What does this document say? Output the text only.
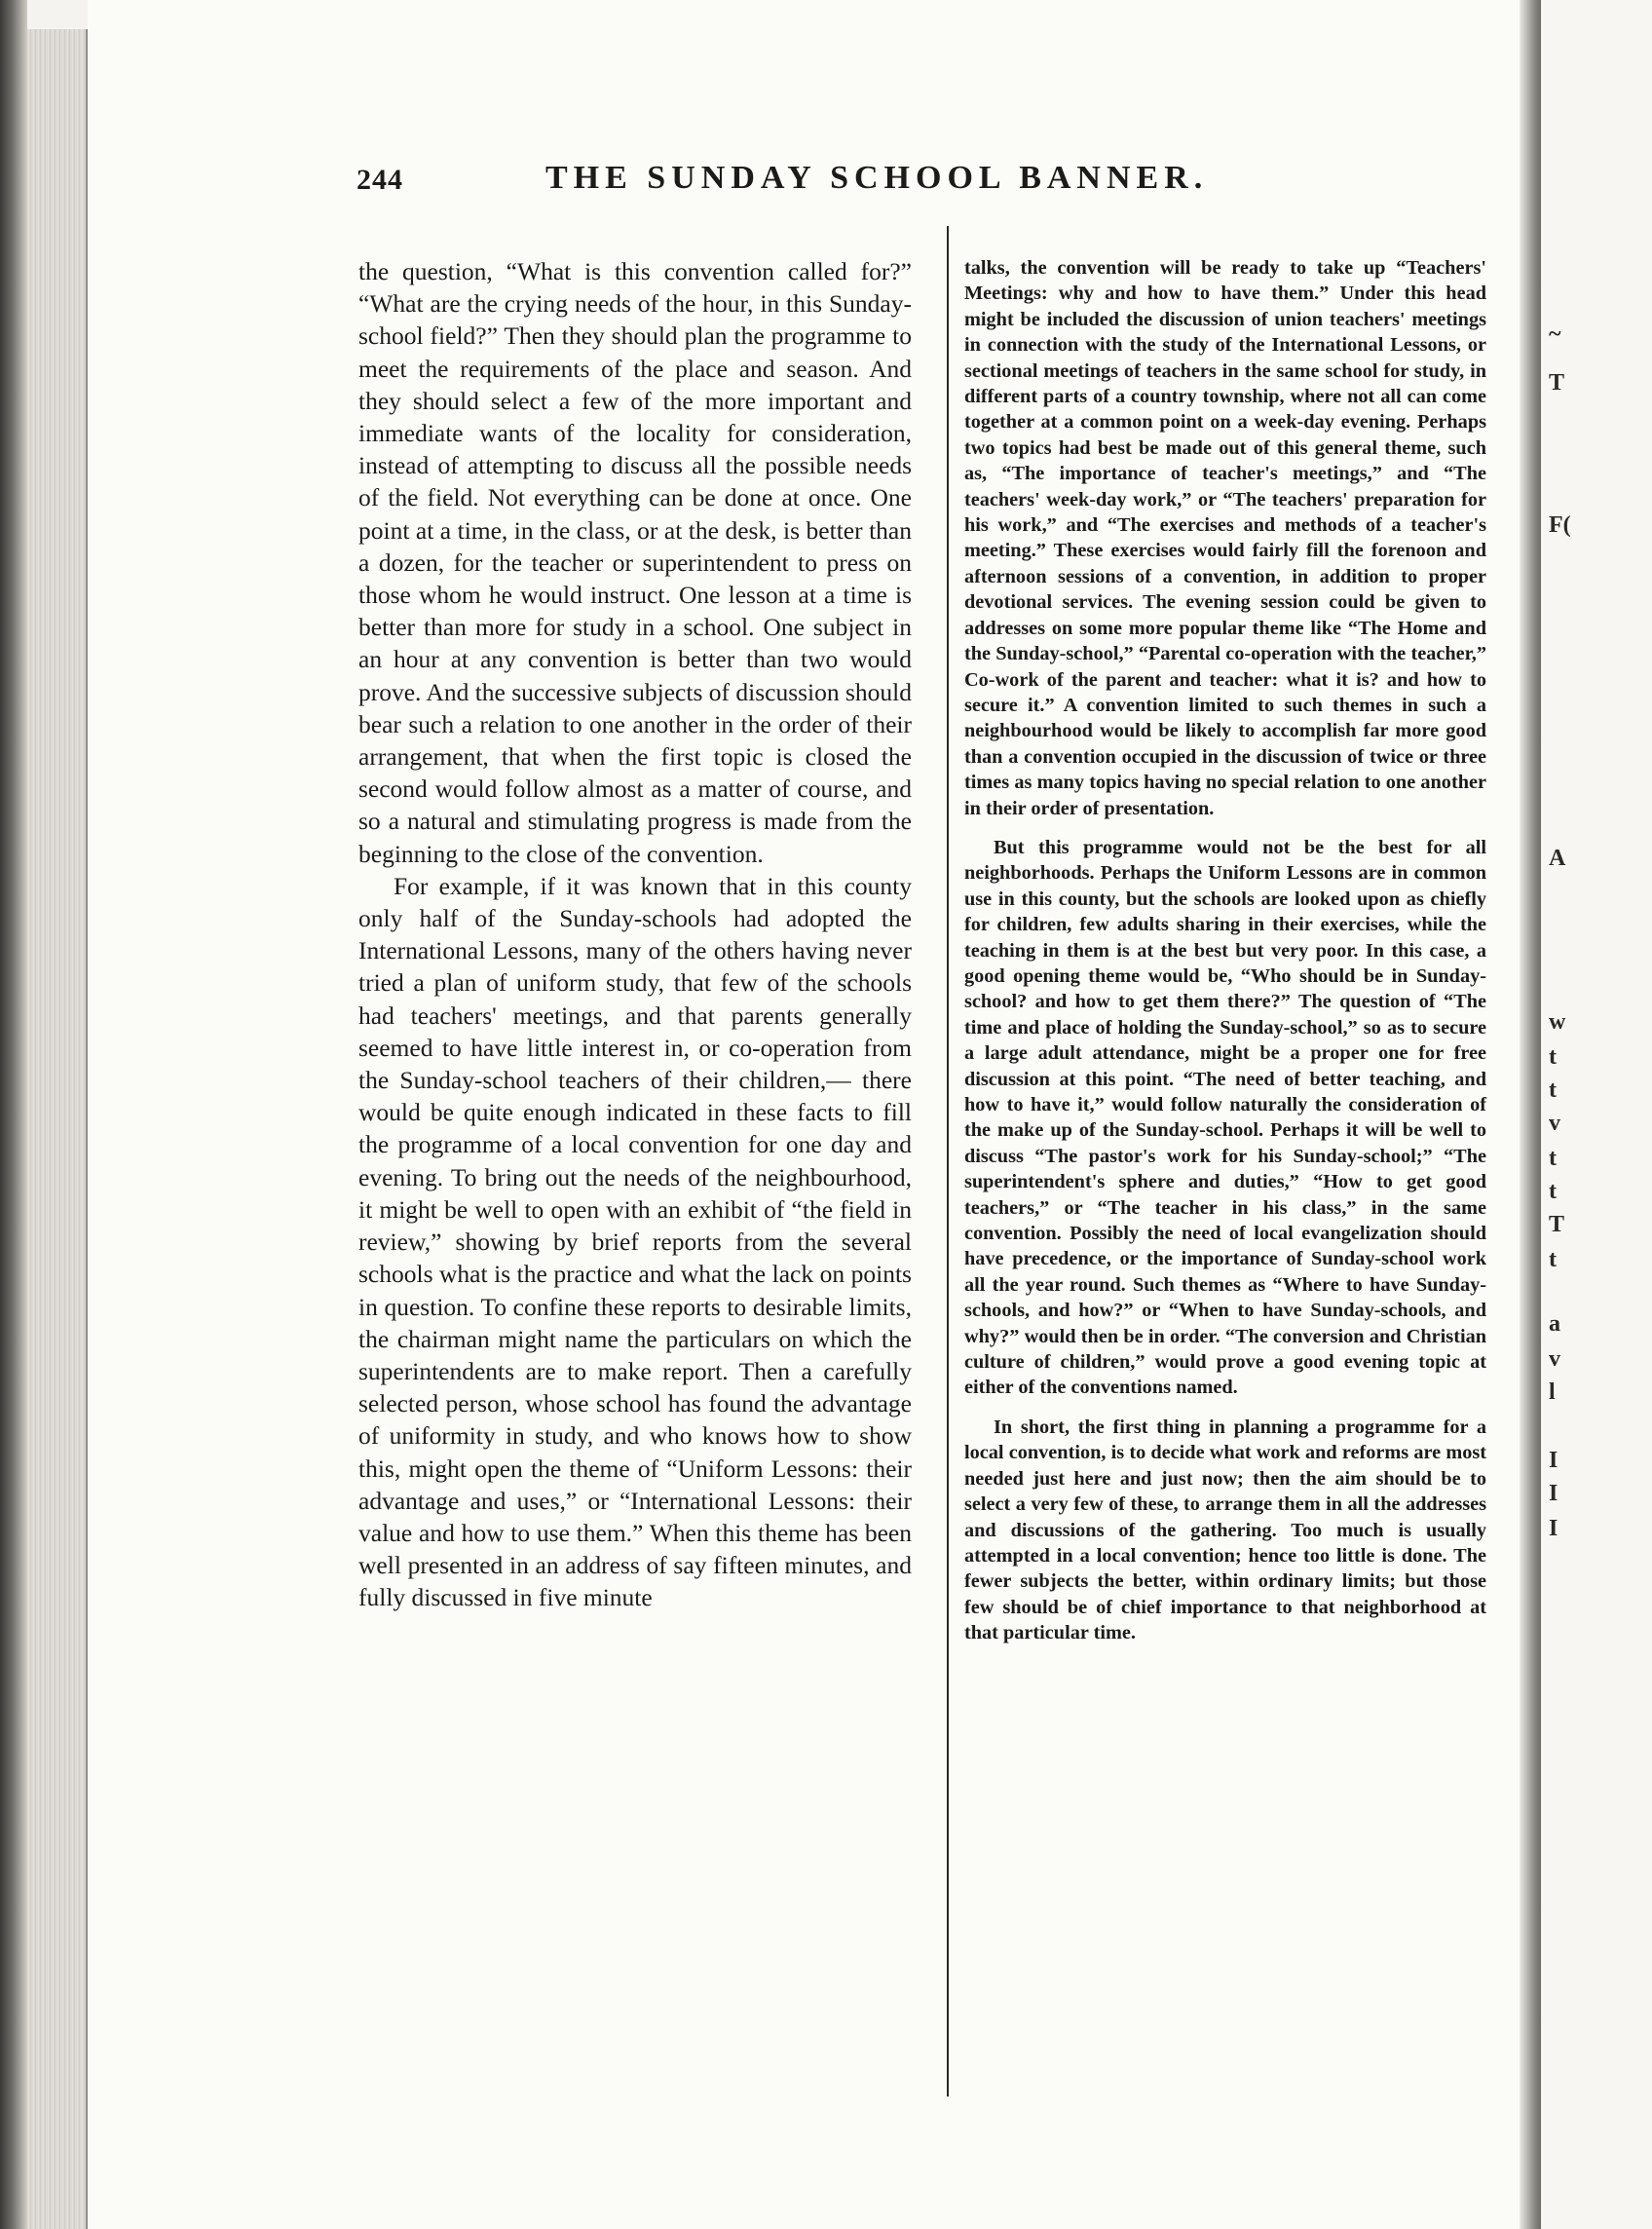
244	THE SUNDAY SCHOOL BANNER.

the question, “What is this convention called for?” “What are the crying needs of the hour, in this Sunday-school field?” Then they should plan the programme to meet the requirements of the place and season. And they should select a few of the more important and immediate wants of the locality for consideration, instead of attempting to discuss all the possible needs of the field. Not everything can be done at once. One point at a time, in the class, or at the desk, is better than a dozen, for the teacher or superintendent to press on those whom he would instruct. One lesson at a time is better than more for study in a school. One subject in an hour at any convention is better than two would prove. And the successive subjects of discussion should bear such a relation to one another in the order of their arrangement, that when the first topic is closed the second would follow almost as a matter of course, and so a natural and stimulating progress is made from the beginning to the close of the convention.

For example, if it was known that in this county only half of the Sunday-schools had adopted the International Lessons, many of the others having never tried a plan of uniform study, that few of the schools had teachers' meetings, and that parents generally seemed to have little interest in, or co-operation from the Sunday-school teachers of their children,— there would be quite enough indicated in these facts to fill the programme of a local convention for one day and evening. To bring out the needs of the neighbourhood, it might be well to open with an exhibit of “the field in review,” showing by brief reports from the several schools what is the practice and what the lack on points in question. To confine these reports to desirable limits, the chairman might name the particulars on which the superintendents are to make report. Then a carefully selected person, whose school has found the advantage of uniformity in study, and who knows how to show this, might open the theme of “Uniform Lessons: their advantage and uses,” or “International Lessons: their value and how to use them.” When this theme has been well presented in an address of say fifteen minutes, and fully discussed in five minute

talks, the convention will be ready to take up “Teachers' Meetings: why and how to have them.” Under this head might be included the discussion of union teachers' meetings in connection with the study of the International Lessons, or sectional meetings of teachers in the same school for study, in different parts of a country township, where not all can come together at a common point on a week-day evening. Perhaps two topics had best be made out of this general theme, such as, “The importance of teacher's meetings,” and “The teachers' week-day work,” or “The teachers' preparation for his work,” and “The exercises and methods of a teacher's meeting.” These exercises would fairly fill the forenoon and afternoon sessions of a convention, in addition to proper devotional services. The evening session could be given to addresses on some more popular theme like “The Home and the Sunday-school,” “Parental co-operation with the teacher,” Co-work of the parent and teacher: what it is? and how to secure it.” A convention limited to such themes in such a neighbourhood would be likely to accomplish far more good than a convention occupied in the discussion of twice or three times as many topics having no special relation to one another in their order of presentation.

But this programme would not be the best for all neighborhoods. Perhaps the Uniform Lessons are in common use in this county, but the schools are looked upon as chiefly for children, few adults sharing in their exercises, while the teaching in them is at the best but very poor. In this case, a good opening theme would be, “Who should be in Sunday-school? and how to get them there?” The question of “The time and place of holding the Sunday-school,” so as to secure a large adult attendance, might be a proper one for free discussion at this point. “The need of better teaching, and how to have it,” would follow naturally the consideration of the make up of the Sunday-school. Perhaps it will be well to discuss “The pastor's work for his Sunday-school;” “The superintendent's sphere and duties,” “How to get good teachers,” or “The teacher in his class,” in the same convention. Possibly the need of local evangelization should have precedence, or the importance of Sunday-school work all the year round. Such themes as “Where to have Sunday-schools, and how?” or “When to have Sunday-schools, and why?” would then be in order. “The conversion and Christian culture of children,” would prove a good evening topic at either of the conventions named.

In short, the first thing in planning a programme for a local convention, is to decide what work and reforms are most needed just here and just now; then the aim should be to select a very few of these, to arrange them in all the addresses and discussions of the gathering. Too much is usually attempted in a local convention; hence too little is done. The fewer subjects the better, within ordinary limits; but those few should be of chief importance to that neighborhood at that particular time.

~
T
F(
A
w
t
t
v
t
t
T
t
a
v
l
I
I
I
